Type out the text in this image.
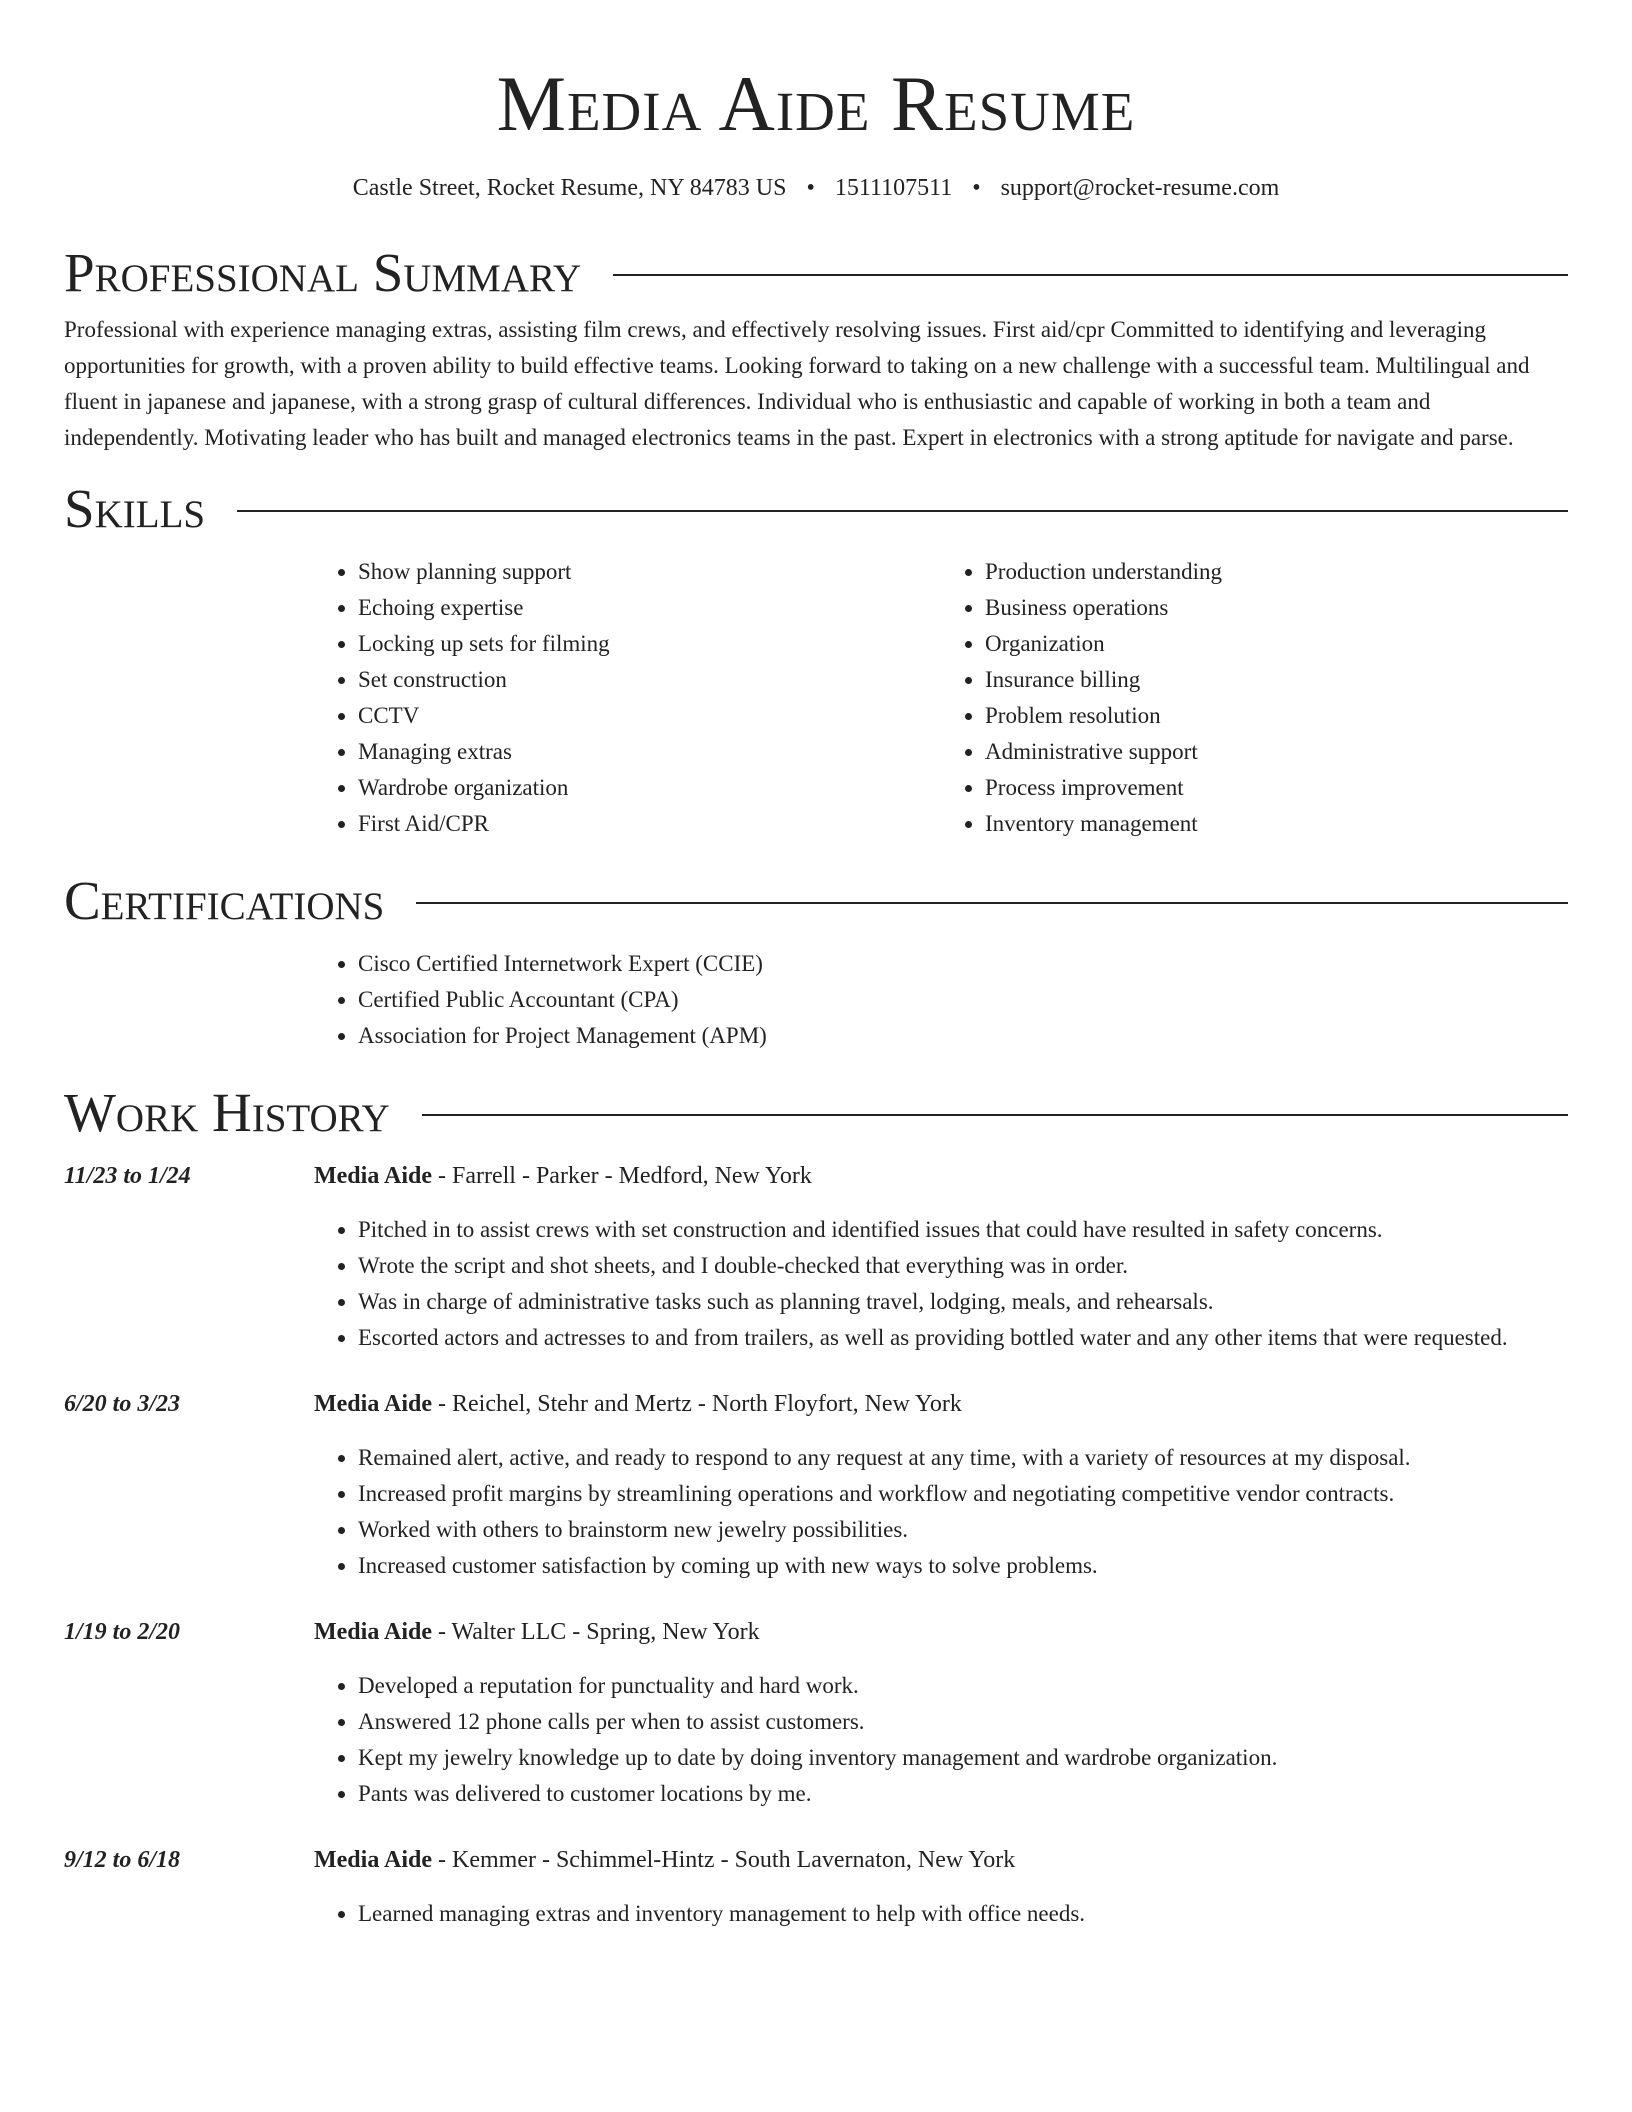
Media Aide Resume
Castle Street, Rocket Resume, NY 84783 US • 1511107511 • support@rocket-resume.com
Professional Summary

Professional with experience managing extras, assisting film crews, and effectively resolving issues. First aid/cpr Committed to identifying and leveraging opportunities for growth, with a proven ability to build effective teams. Looking forward to taking on a new challenge with a successful team. Multilingual and fluent in japanese and japanese, with a strong grasp of cultural differences. Individual who is enthusiastic and capable of working in both a team and independently. Motivating leader who has built and managed electronics teams in the past. Expert in electronics with a strong aptitude for navigate and parse.

Skills
• Show planning support
• Echoing expertise
• Locking up sets for filming
• Set construction
• CCTV
• Managing extras
• Wardrobe organization
• First Aid/CPR
• Production understanding
• Business operations
• Organization
• Insurance billing
• Problem resolution
• Administrative support
• Process improvement
• Inventory management
Certifications
• Cisco Certified Internetwork Expert (CCIE)
• Certified Public Accountant (CPA)
• Association for Project Management (APM)
Work History
11/23 to 1/24	Media Aide - Farrell - Parker - Medford, New York
• Pitched in to assist crews with set construction and identified issues that could have resulted in safety concerns.
• Wrote the script and shot sheets, and I double-checked that everything was in order.
• Was in charge of administrative tasks such as planning travel, lodging, meals, and rehearsals.
• Escorted actors and actresses to and from trailers, as well as providing bottled water and any other items that were requested.
6/20 to 3/23	Media Aide - Reichel, Stehr and Mertz - North Floyfort, New York
• Remained alert, active, and ready to respond to any request at any time, with a variety of resources at my disposal.
• Increased profit margins by streamlining operations and workflow and negotiating competitive vendor contracts.
• Worked with others to brainstorm new jewelry possibilities.
• Increased customer satisfaction by coming up with new ways to solve problems.
1/19 to 2/20	Media Aide - Walter LLC - Spring, New York
• Developed a reputation for punctuality and hard work.
• Answered 12 phone calls per when to assist customers.
• Kept my jewelry knowledge up to date by doing inventory management and wardrobe organization.
• Pants was delivered to customer locations by me.
9/12 to 6/18	Media Aide - Kemmer - Schimmel-Hintz - South Lavernaton, New York
• Learned managing extras and inventory management to help with office needs.
